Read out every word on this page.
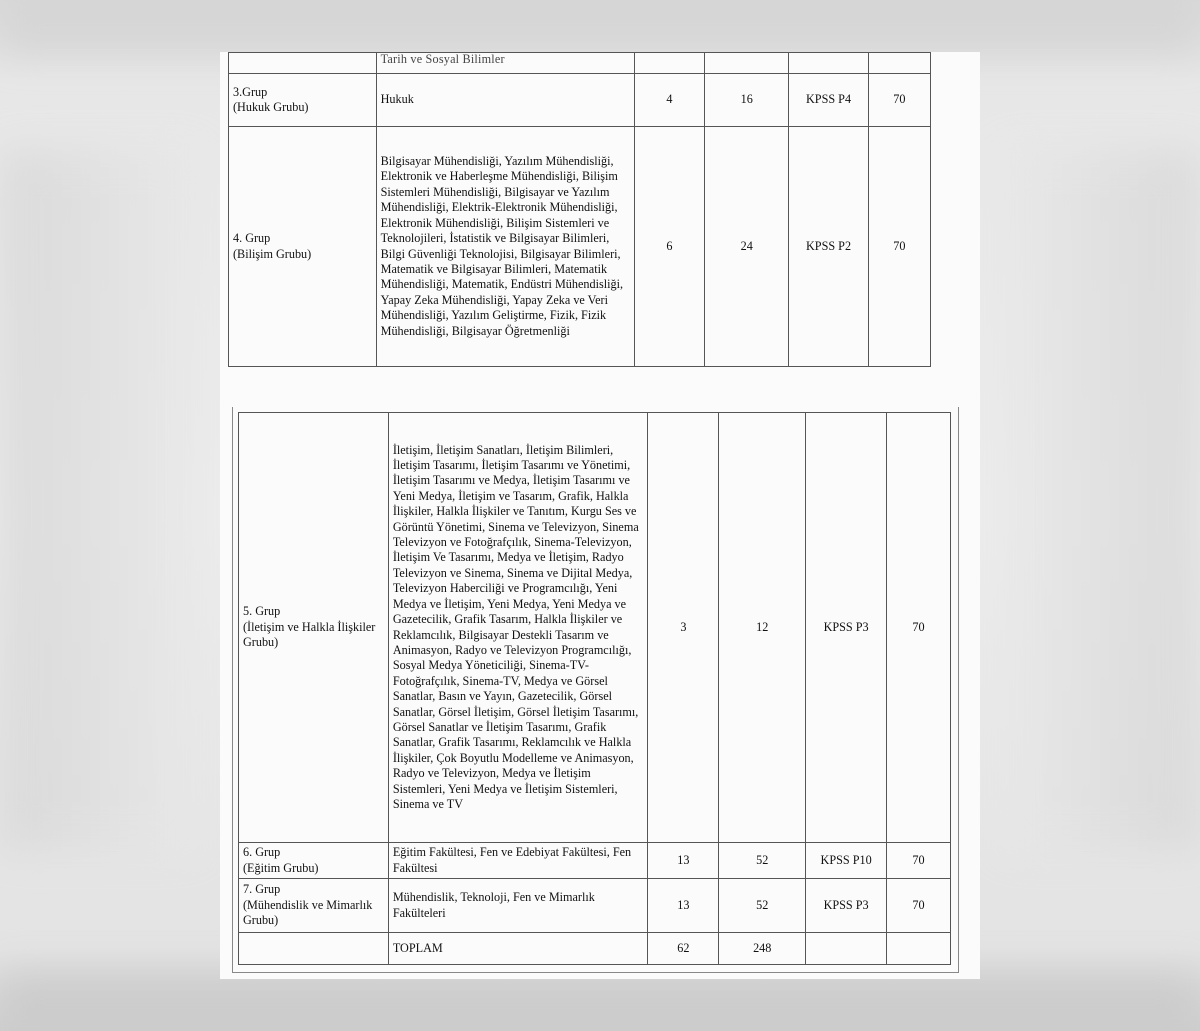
	Tarih ve Sosyal Bilimler				

3.Grup
(Hukuk Grubu)	Hukuk	4	16	KPSS P4	70

4. Grup
(Bilişim Grubu)	Bilgisayar Mühendisliği, Yazılım Mühendisliği, Elektronik ve Haberleşme Mühendisliği, Bilişim Sistemleri Mühendisliği, Bilgisayar ve Yazılım Mühendisliği, Elektrik-Elektronik Mühendisliği, Elektronik Mühendisliği, Bilişim Sistemleri ve Teknolojileri, İstatistik ve Bilgisayar Bilimleri, Bilgi Güvenliği Teknolojisi, Bilgisayar Bilimleri, Matematik ve Bilgisayar Bilimleri, Matematik Mühendisliği, Matematik, Endüstri Mühendisliği, Yapay Zeka Mühendisliği, Yapay Zeka ve Veri Mühendisliği, Yazılım Geliştirme, Fizik, Fizik Mühendisliği, Bilgisayar Öğretmenliği	6	24	KPSS P2	70
5. Grup
(İletişim ve Halkla İlişkiler Grubu)	İletişim, İletişim Sanatları, İletişim Bilimleri, İletişim Tasarımı, İletişim Tasarımı ve Yönetimi, İletişim Tasarımı ve Medya, İletişim Tasarımı ve Yeni Medya, İletişim ve Tasarım, Grafik, Halkla İlişkiler, Halkla İlişkiler ve Tanıtım, Kurgu Ses ve Görüntü Yönetimi, Sinema ve Televizyon, Sinema Televizyon ve Fotoğrafçılık, Sinema-Televizyon, İletişim Ve Tasarımı, Medya ve İletişim, Radyo Televizyon ve Sinema, Sinema ve Dijital Medya, Televizyon Haberciliği ve Programcılığı, Yeni Medya ve İletişim, Yeni Medya, Yeni Medya ve Gazetecilik, Grafik Tasarım, Halkla İlişkiler ve Reklamcılık, Bilgisayar Destekli Tasarım ve Animasyon, Radyo ve Televizyon Programcılığı, Sosyal Medya Yöneticiliği, Sinema-TV-Fotoğrafçılık, Sinema-TV, Medya ve Görsel Sanatlar, Basın ve Yayın, Gazetecilik, Görsel Sanatlar, Görsel İletişim, Görsel İletişim Tasarımı, Görsel Sanatlar ve İletişim Tasarımı, Grafik Sanatlar, Grafik Tasarımı, Reklamcılık ve Halkla İlişkiler, Çok Boyutlu Modelleme ve Animasyon, Radyo ve Televizyon, Medya ve İletişim Sistemleri, Yeni Medya ve İletişim Sistemleri, Sinema ve TV	3	12	KPSS P3	70

6. Grup
(Eğitim Grubu)	Eğitim Fakültesi, Fen ve Edebiyat Fakültesi, Fen Fakültesi	13	52	KPSS P10	70

7. Grup
(Mühendislik ve Mimarlık Grubu)	Mühendislik, Teknoloji, Fen ve Mimarlık Fakülteleri	13	52	KPSS P3	70
	TOPLAM	62	248		
